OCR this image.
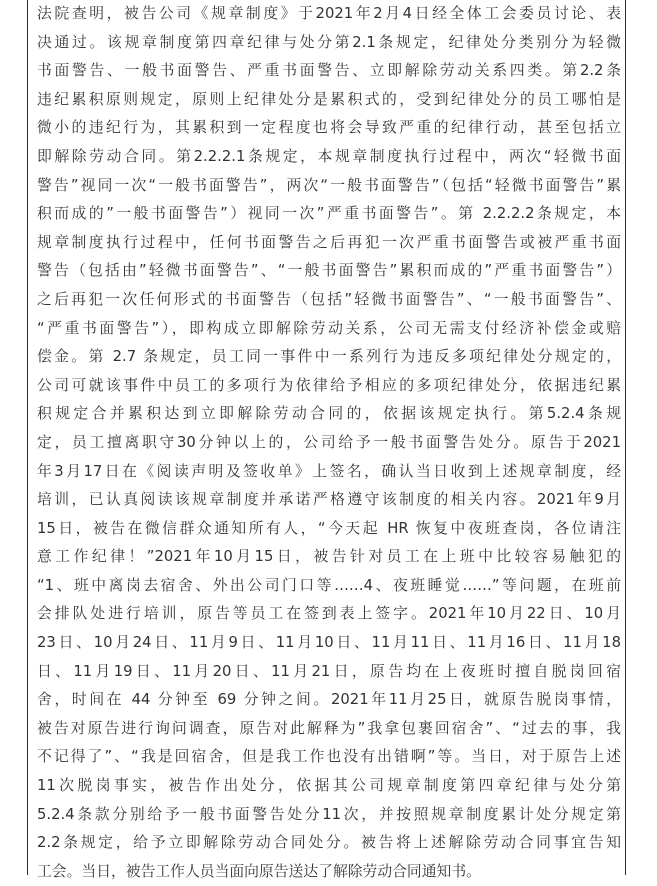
法院查明，被告公司《规章制度》于2021年2月4日经全体工会委员讨论、表
决通过。该规章制度第四章纪律与处分第2.1条规定，纪律处分类别分为轻微
书面警告、一般书面警告、严重书面警告、立即解除劳动关系四类。第2.2条
违纪累积原则规定，原则上纪律处分是累积式的，受到纪律处分的员工哪怕是
微小的违纪行为，其累积到一定程度也将会导致严重的纪律行动，甚至包括立
即解除劳动合同。第2.2.2.1条规定，本规章制度执行过程中，两次“轻微书面
警告”视同一次“一般书面警告”，两次“一般书面警告”（包括“轻微书面警告”累
积而成的”一般书面警告”）视同一次”严重书面警告”。第 2.2.2.2条规定，本
规章制度执行过程中，任何书面警告之后再犯一次严重书面警告或被严重书面
警告（包括由”轻微书面警告”、“一般书面警告”累积而成的”严重书面警告”）
之后再犯一次任何形式的书面警告（包括”轻微书面警告”、“一般书面警告”、
“严重书面警告”），即构成立即解除劳动关系，公司无需支付经济补偿金或赔
偿金。第 2.7 条规定，员工同一事件中一系列行为违反多项纪律处分规定的，
公司可就该事件中员工的多项行为依律给予相应的多项纪律处分，依据违纪累
积规定合并累积达到立即解除劳动合同的，依据该规定执行。第5.2.4条规
定，员工擅离职守30分钟以上的，公司给予一般书面警告处分。原告于2021
年3月17日在《阅读声明及签收单》上签名，确认当日收到上述规章制度，经
培训，已认真阅读该规章制度并承诺严格遵守该制度的相关内容。2021年9月
15日，被告在微信群众通知所有人，“今天起 HR 恢复中夜班查岗，各位请注
意工作纪律！”2021年10月15日，被告针对员工在上班中比较容易触犯的
“1、班中离岗去宿舍、外出公司门口等……4、夜班睡觉……”等问题，在班前
会排队处进行培训，原告等员工在签到表上签字。2021年10月22日、10月
23日、10月24日、11月9日、11月10日、11月11日、11月16日、11月18
日、11月19日、11月20日、11月21日，原告均在上夜班时擅自脱岗回宿
舍，时间在 44 分钟至 69 分钟之间。2021年11月25日，就原告脱岗事情，
被告对原告进行询问调查，原告对此解释为”我拿包裹回宿舍”、“过去的事，我
不记得了”、“我是回宿舍，但是我工作也没有出错啊”等。当日，对于原告上述
11次脱岗事实，被告作出处分，依据其公司规章制度第四章纪律与处分第
5.2.4条款分别给予一般书面警告处分11次，并按照规章制度累计处分规定第
2.2条规定，给予立即解除劳动合同处分。被告将上述解除劳动合同事宜告知
工会。当日，被告工作人员当面向原告送达了解除劳动合同通知书。
